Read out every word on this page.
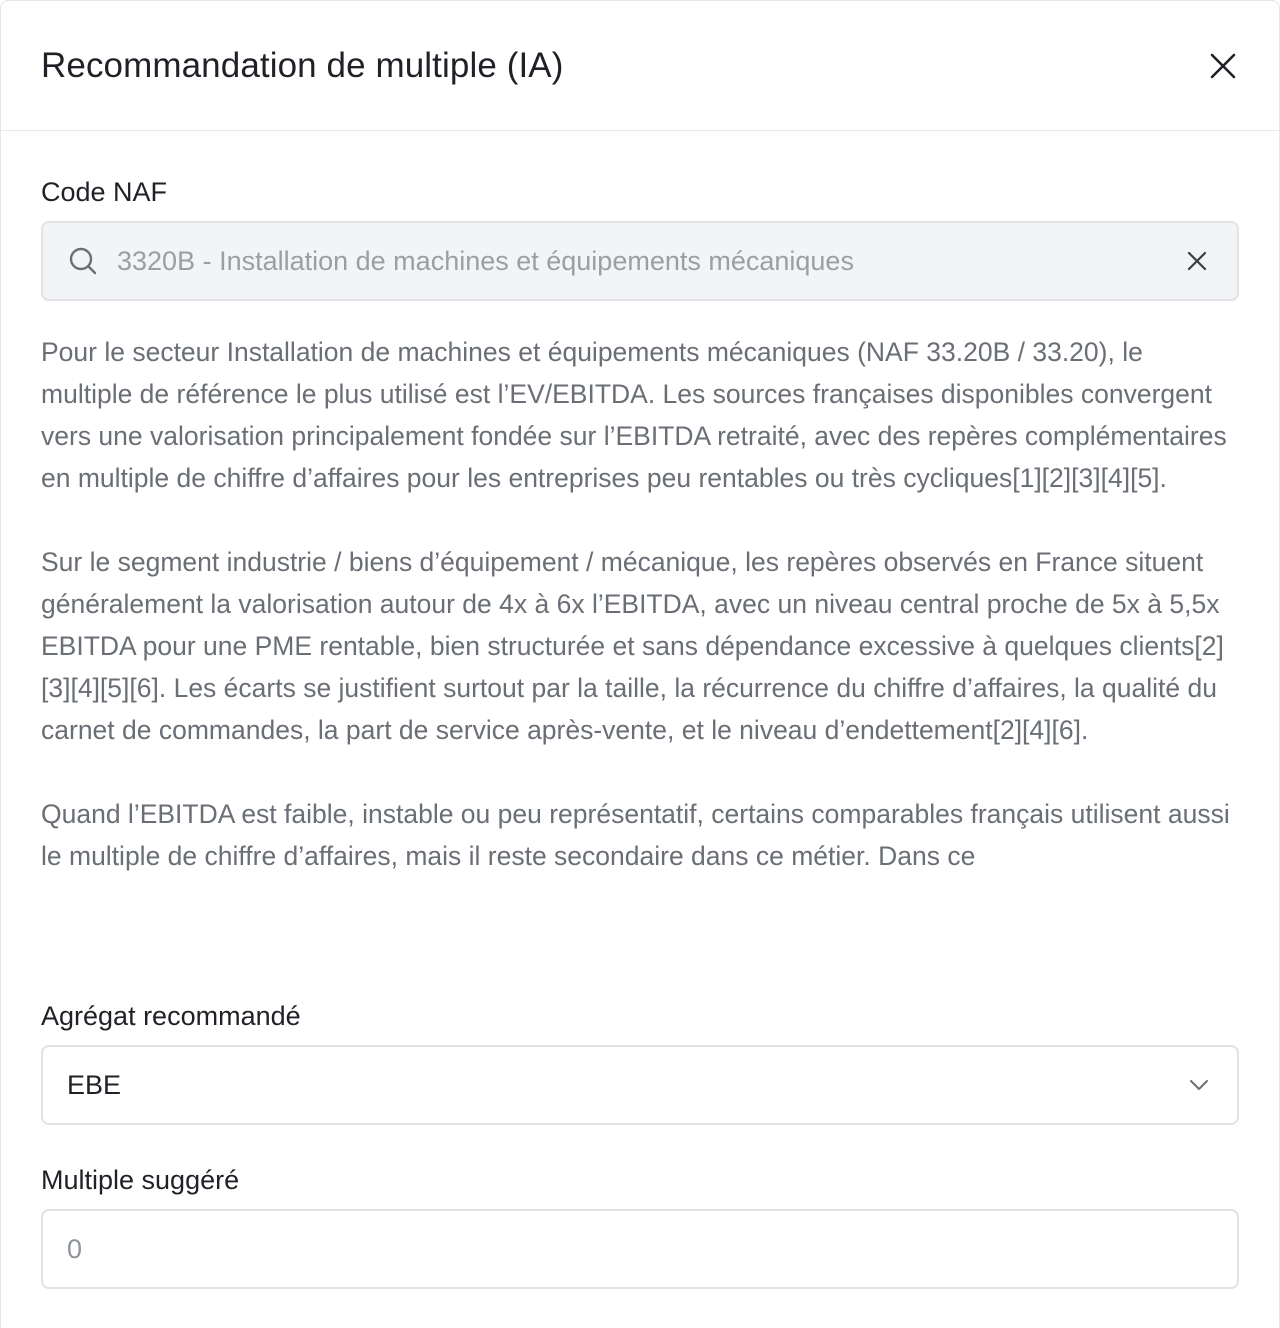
Recommandation de multiple (IA)
Code NAF
3320B - Installation de machines et équipements mécaniques

Pour le secteur Installation de machines et équipements mécaniques (NAF 33.20B / 33.20), le multiple de référence le plus utilisé est l’EV/EBITDA. Les sources françaises disponibles convergent vers une valorisation principalement fondée sur l’EBITDA retraité, avec des repères complémentaires en multiple de chiffre d’affaires pour les entreprises peu rentables ou très cycliques[1][2][3][4][5].

Sur le segment industrie / biens d’équipement / mécanique, les repères observés en France situent généralement la valorisation autour de 4x à 6x l’EBITDA, avec un niveau central proche de 5x à 5,5x EBITDA pour une PME rentable, bien structurée et sans dépendance excessive à quelques clients[2][3][4][5][6]. Les écarts se justifient surtout par la taille, la récurrence du chiffre d’affaires, la qualité du carnet de commandes, la part de service après-vente, et le niveau d’endettement[2][4][6].

Quand l’EBITDA est faible, instable ou peu représentatif, certains comparables français utilisent aussi le multiple de chiffre d’affaires, mais il reste secondaire dans ce métier. Dans ce

Agrégat recommandé
EBE
Multiple suggéré
0
